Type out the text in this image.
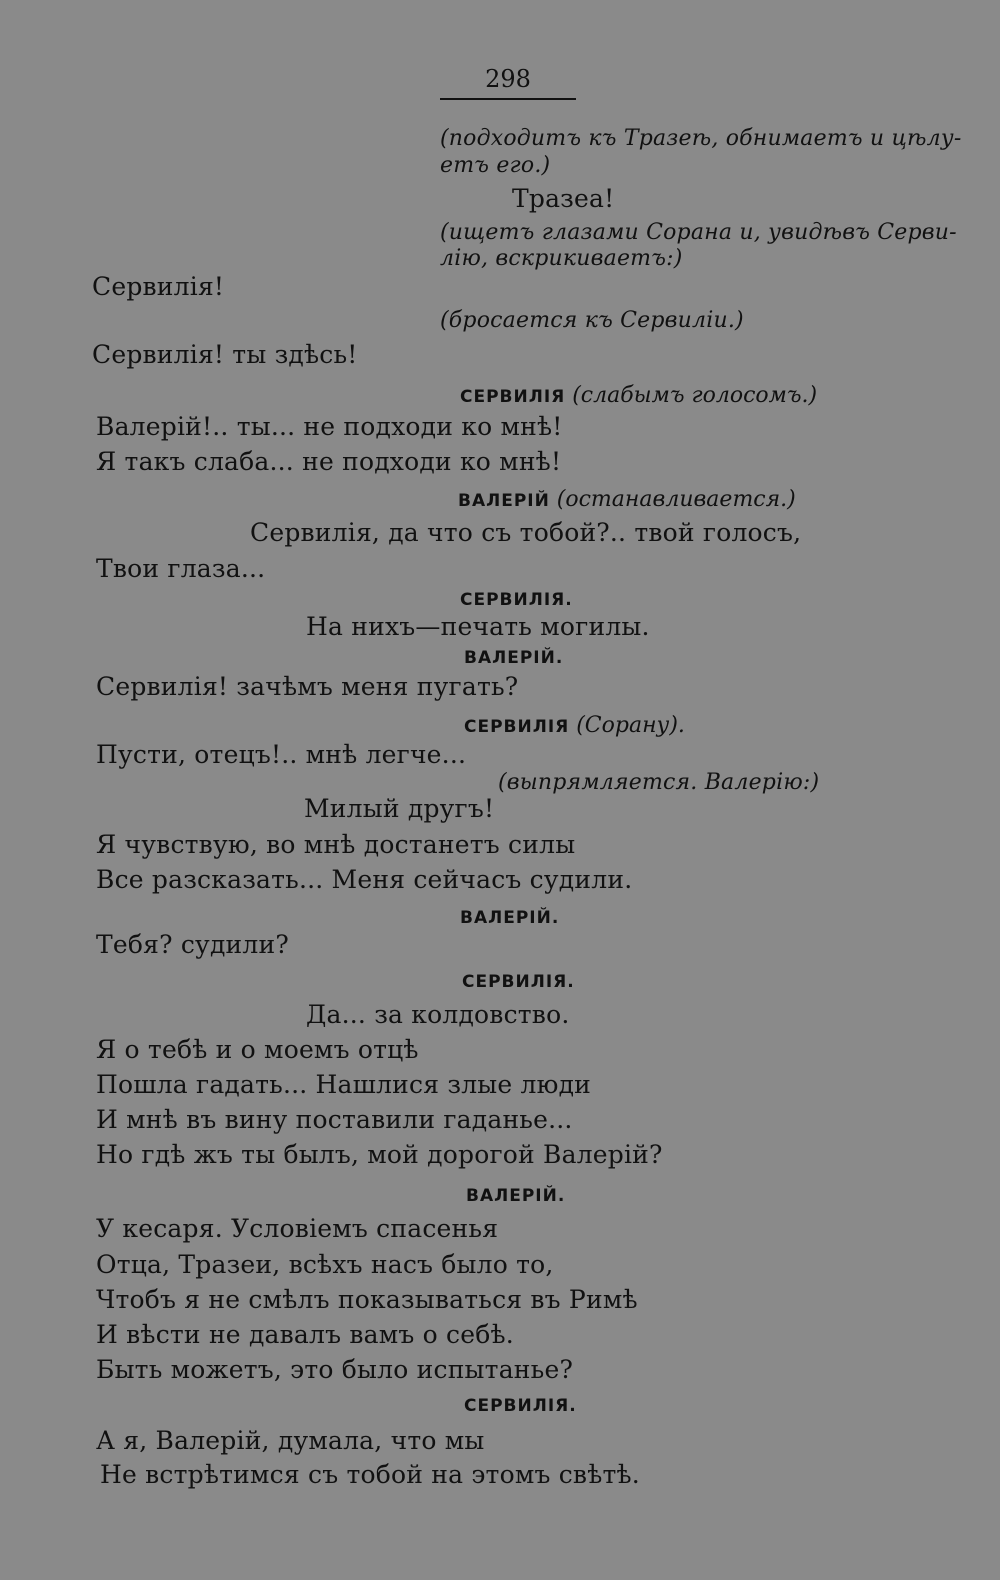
298
(подходитъ къ Тразеѣ, обнимаетъ и цѣлу-
етъ его.)
Тразеа!
(ищетъ глазами Сорана и, увидѣвъ Серви-
лію, вскрикиваетъ:)
Сервилія!
(бросается къ Сервиліи.)
Сервилія! ты здѣсь!
СЕРВИЛІЯ (слабымъ голосомъ.)
Валерій!.. ты... не подходи ко мнѣ!
Я такъ слаба... не подходи ко мнѣ!
ВАЛЕРІЙ (останавливается.)
Сервилія, да что съ тобой?.. твой голосъ,
Твои глаза...
СЕРВИЛІЯ.
На нихъ—печать могилы.
ВАЛЕРІЙ.
Сервилія! зачѣмъ меня пугать?
СЕРВИЛІЯ (Сорану).
Пусти, отецъ!.. мнѣ легче...
(выпрямляется. Валерію:)
Милый другъ!
Я чувствую, во мнѣ достанетъ силы
Все разсказать... Меня сейчасъ судили.
ВАЛЕРІЙ.
Тебя? судили?
СЕРВИЛІЯ.
Да... за колдовство.
Я о тебѣ и о моемъ отцѣ
Пошла гадать... Нашлися злые люди
И мнѣ въ вину поставили гаданье...
Но гдѣ жъ ты былъ, мой дорогой Валерій?
ВАЛЕРІЙ.
У кесаря. Условіемъ спасенья
Отца, Тразеи, всѣхъ насъ было то,
Чтобъ я не смѣлъ показываться въ Римѣ
И вѣсти не давалъ вамъ о себѣ.
Быть можетъ, это было испытанье?
СЕРВИЛІЯ.
А я, Валерій, думала, что мы
Не встрѣтимся съ тобой на этомъ свѣтѣ.
